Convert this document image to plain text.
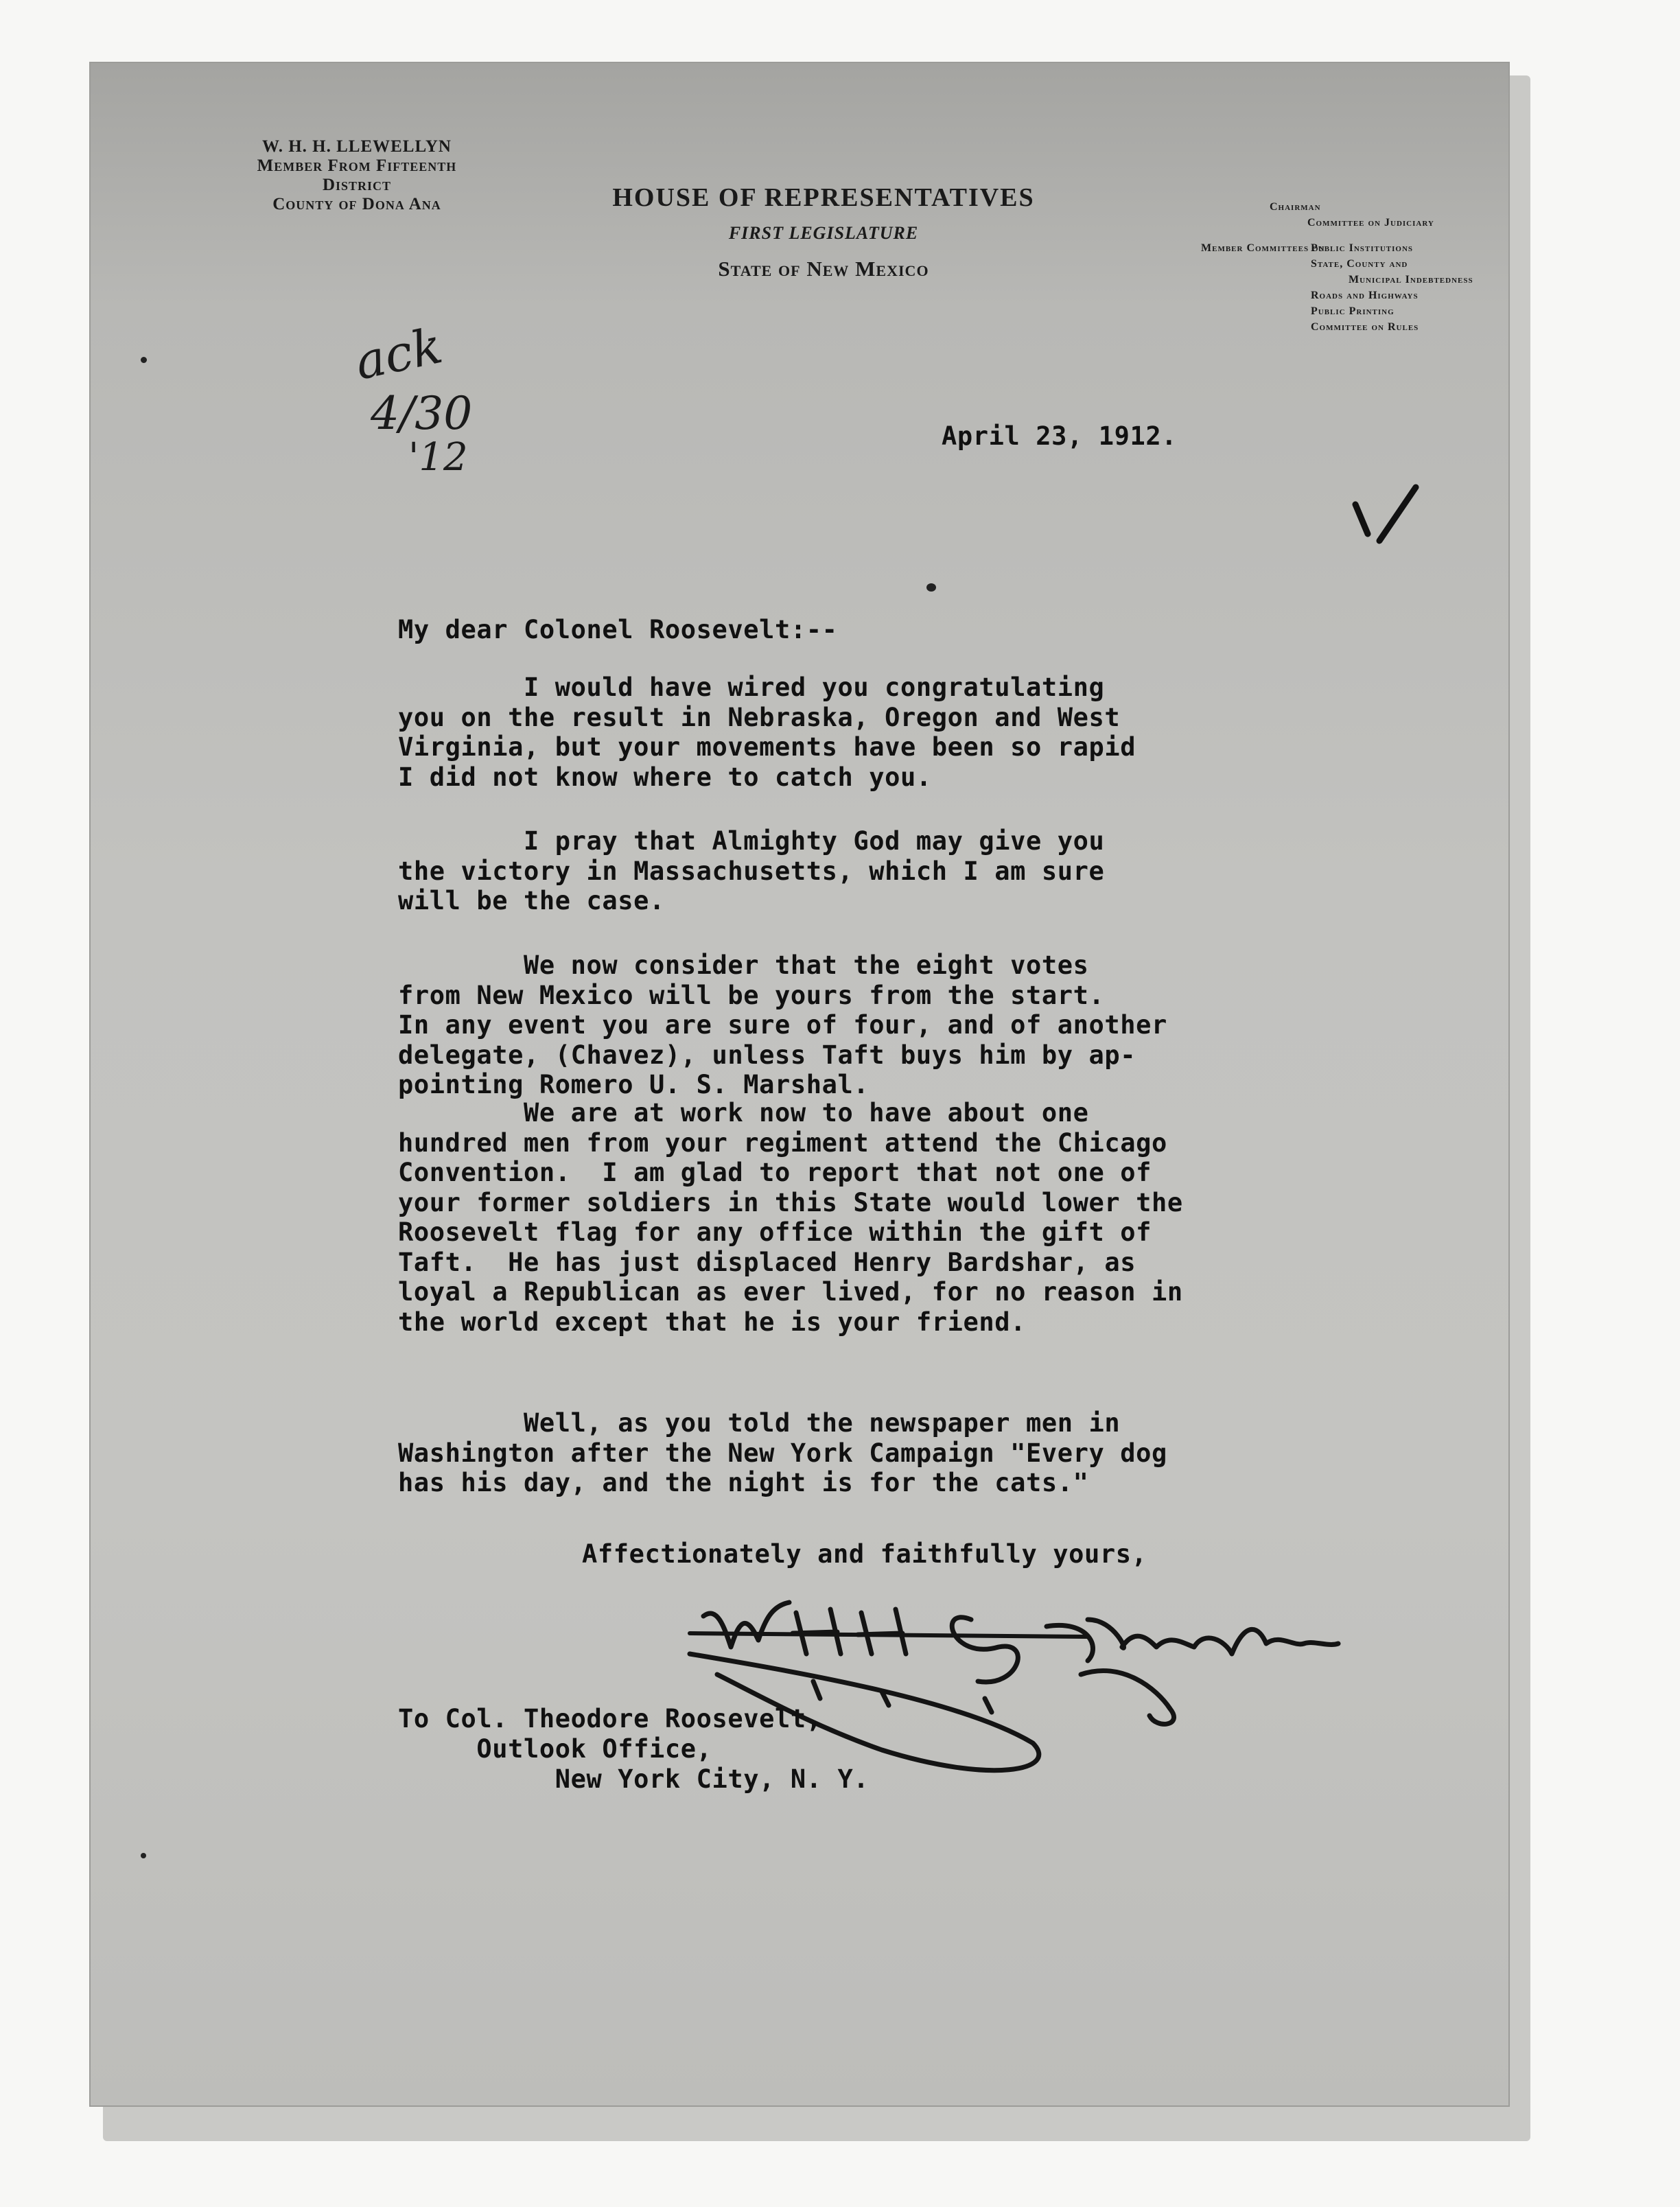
W. H. H. LLEWELLYN
Member From Fifteenth
District
County of Dona Ana	HOUSE OF REPRESENTATIVES
FIRST LEGISLATURE
State of New Mexico
Chairman
Committee on Judiciary
Member Committees on
Public Institutions
State, County and
Municipal Indebtedness
Roads and Highways
Public Printing
Committee on Rules
ack
4/30
'12	April 23, 1912.
My dear Colonel Roosevelt:--
I would have wired you congratulating
you on the result in Nebraska, Oregon and West
Virginia, but your movements have been so rapid
I did not know where to catch you.
I pray that Almighty God may give you
the victory in Massachusetts, which I am sure
will be the case.
We now consider that the eight votes
from New Mexico will be yours from the start.
In any event you are sure of four, and of another
delegate, (Chavez), unless Taft buys him by ap-
pointing Romero U. S. Marshal.
We are at work now to have about one
hundred men from your regiment attend the Chicago
Convention.  I am glad to report that not one of
your former soldiers in this State would lower the
Roosevelt flag for any office within the gift of
Taft.  He has just displaced Henry Bardshar, as
loyal a Republican as ever lived, for no reason in
the world except that he is your friend.
Well, as you told the newspaper men in
Washington after the New York Campaign "Every dog
has his day, and the night is for the cats."
Affectionately and faithfully yours,
To Col. Theodore Roosevelt,
Outlook Office,
New York City, N. Y.
